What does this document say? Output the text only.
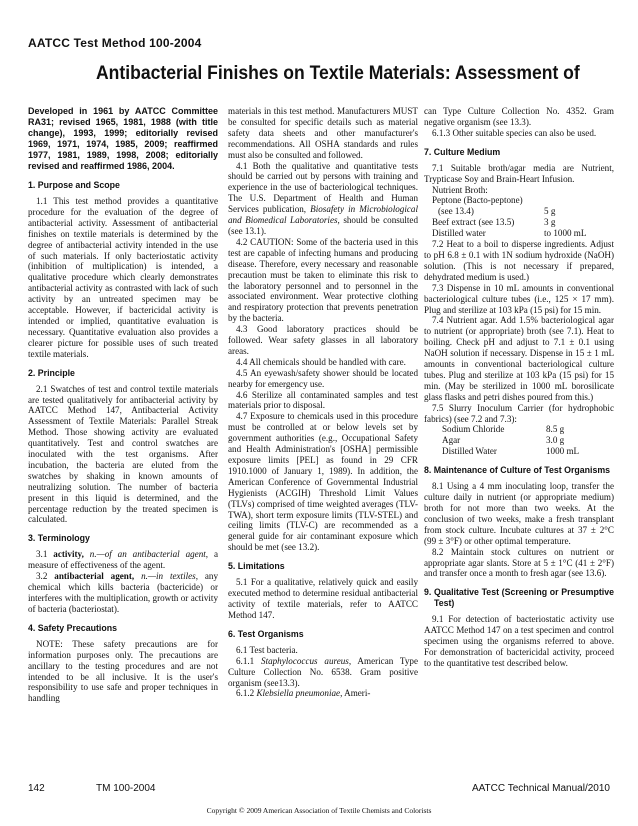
AATCC Test Method 100-2004
Antibacterial Finishes on Textile Materials: Assessment of

Developed in 1961 by AATCC Committee RA31; revised 1965, 1981, 1988 (with title change), 1993, 1999; editorially revised 1969, 1971, 1974, 1985, 2009; reaffirmed 1977, 1981, 1989, 1998, 2008; editorially revised and reaffirmed 1986, 2004.

1. Purpose and Scope

1.1 This test method provides a quantitative procedure for the evaluation of the degree of antibacterial activity. Assessment of antibacterial finishes on textile materials is determined by the degree of antibacterial activity intended in the use of such materials. If only bacteriostatic activity (inhibition of multiplication) is intended, a qualitative procedure which clearly demonstrates antibacterial activity as contrasted with lack of such activity by an untreated specimen may be acceptable. However, if bactericidal activity is intended or implied, quantitative evaluation is necessary. Quantitative evaluation also provides a clearer picture for possible uses of such treated textile materials.

2. Principle

2.1 Swatches of test and control textile materials are tested qualitatively for antibacterial activity by AATCC Method 147, Antibacterial Activity Assessment of Textile Materials: Parallel Streak Method. Those showing activity are evaluated quantitatively. Test and control swatches are inoculated with the test organisms. After incubation, the bacteria are eluted from the swatches by shaking in known amounts of neutralizing solution. The number of bacteria present in this liquid is determined, and the percentage reduction by the treated specimen is calculated.

3. Terminology

3.1 activity, n.—of an antibacterial agent, a measure of effectiveness of the agent.

3.2 antibacterial agent, n.—in textiles, any chemical which kills bacteria (bactericide) or interferes with the multiplication, growth or activity of bacteria (bacteriostat).

4. Safety Precautions

NOTE: These safety precautions are for information purposes only. The precautions are ancillary to the testing procedures and are not intended to be all inclusive. It is the user's responsibility to use safe and proper techniques in handling

materials in this test method. Manufacturers MUST be consulted for specific details such as material safety data sheets and other manufacturer's recommendations. All OSHA standards and rules must also be consulted and followed.

4.1 Both the qualitative and quantitative tests should be carried out by persons with training and experience in the use of bacteriological techniques. The U.S. Department of Health and Human Services publication, Biosafety in Microbiological and Biomedical Laboratories, should be consulted (see 13.1).

4.2 CAUTION: Some of the bacteria used in this test are capable of infecting humans and producing disease. Therefore, every necessary and reasonable precaution must be taken to eliminate this risk to the laboratory personnel and to personnel in the associated environment. Wear protective clothing and respiratory protection that prevents penetration by the bacteria.

4.3 Good laboratory practices should be followed. Wear safety glasses in all laboratory areas.

4.4 All chemicals should be handled with care.

4.5 An eyewash/safety shower should be located nearby for emergency use.

4.6 Sterilize all contaminated samples and test materials prior to disposal.

4.7 Exposure to chemicals used in this procedure must be controlled at or below levels set by government authorities (e.g., Occupational Safety and Health Administration's [OSHA] permissible exposure limits [PEL] as found in 29 CFR 1910.1000 of January 1, 1989). In addition, the American Conference of Governmental Industrial Hygienists (ACGIH) Threshold Limit Values (TLVs) comprised of time weighted averages (TLV-TWA), short term exposure limits (TLV-STEL) and ceiling limits (TLV-C) are recommended as a general guide for air contaminant exposure which should be met (see 13.2).

5. Limitations

5.1 For a qualitative, relatively quick and easily executed method to determine residual antibacterial activity of textile materials, refer to AATCC Method 147.

6. Test Organisms

6.1 Test bacteria.

6.1.1 Staphylococcus aureus, American Type Culture Collection No. 6538. Gram positive organism (see13.3).

6.1.2 Klebsiella pneumoniae, Ameri-

can Type Culture Collection No. 4352. Gram negative organism (see 13.3).

6.1.3 Other suitable species can also be used.

7. Culture Medium

7.1 Suitable broth/agar media are Nutrient, Trypticase Soy and Brain-Heart Infusion.

Nutrient Broth:

Peptone (Bacto-peptone)
(see 13.4)	5 g
Beef extract (see 13.5)	3 g
Distilled water	to 1000 mL

7.2 Heat to a boil to disperse ingredients. Adjust to pH 6.8 ± 0.1 with 1N sodium hydroxide (NaOH) solution. (This is not necessary if prepared, dehydrated medium is used.)

7.3 Dispense in 10 mL amounts in conventional bacteriological culture tubes (i.e., 125 × 17 mm). Plug and sterilize at 103 kPa (15 psi) for 15 min.

7.4 Nutrient agar. Add 1.5% bacteriological agar to nutrient (or appropriate) broth (see 7.1). Heat to boiling. Check pH and adjust to 7.1 ± 0.1 using NaOH solution if necessary. Dispense in 15 ± 1 mL amounts in conventional bacteriological culture tubes. Plug and sterilize at 103 kPa (15 psi) for 15 min. (May be sterilized in 1000 mL borosilicate glass flasks and petri dishes poured from this.)

7.5 Slurry Inoculum Carrier (for hydrophobic fabrics) (see 7.2 and 7.3):

Sodium Chloride	8.5 g
Agar	3.0 g
Distilled Water	1000 mL
8. Maintenance of Culture of Test Organisms

8.1 Using a 4 mm inoculating loop, transfer the culture daily in nutrient (or appropriate medium) broth for not more than two weeks. At the conclusion of two weeks, make a fresh transplant from stock culture. Incubate cultures at 37 ± 2°C (99 ± 3°F) or other optimal temperature.

8.2 Maintain stock cultures on nutrient or appropriate agar slants. Store at 5 ± 1°C (41 ± 2°F) and transfer once a month to fresh agar (see 13.6).

9. Qualitative Test (Screening or Presumptive Test)

9.1 For detection of bacteriostatic activity use AATCC Method 147 on a test specimen and control specimen using the organisms referred to above. For demonstration of bactericidal activity, proceed to the quantitative test described below.

142	TM 100-2004	AATCC Technical Manual/2010
Copyright © 2009 American Association of Textile Chemists and Colorists
